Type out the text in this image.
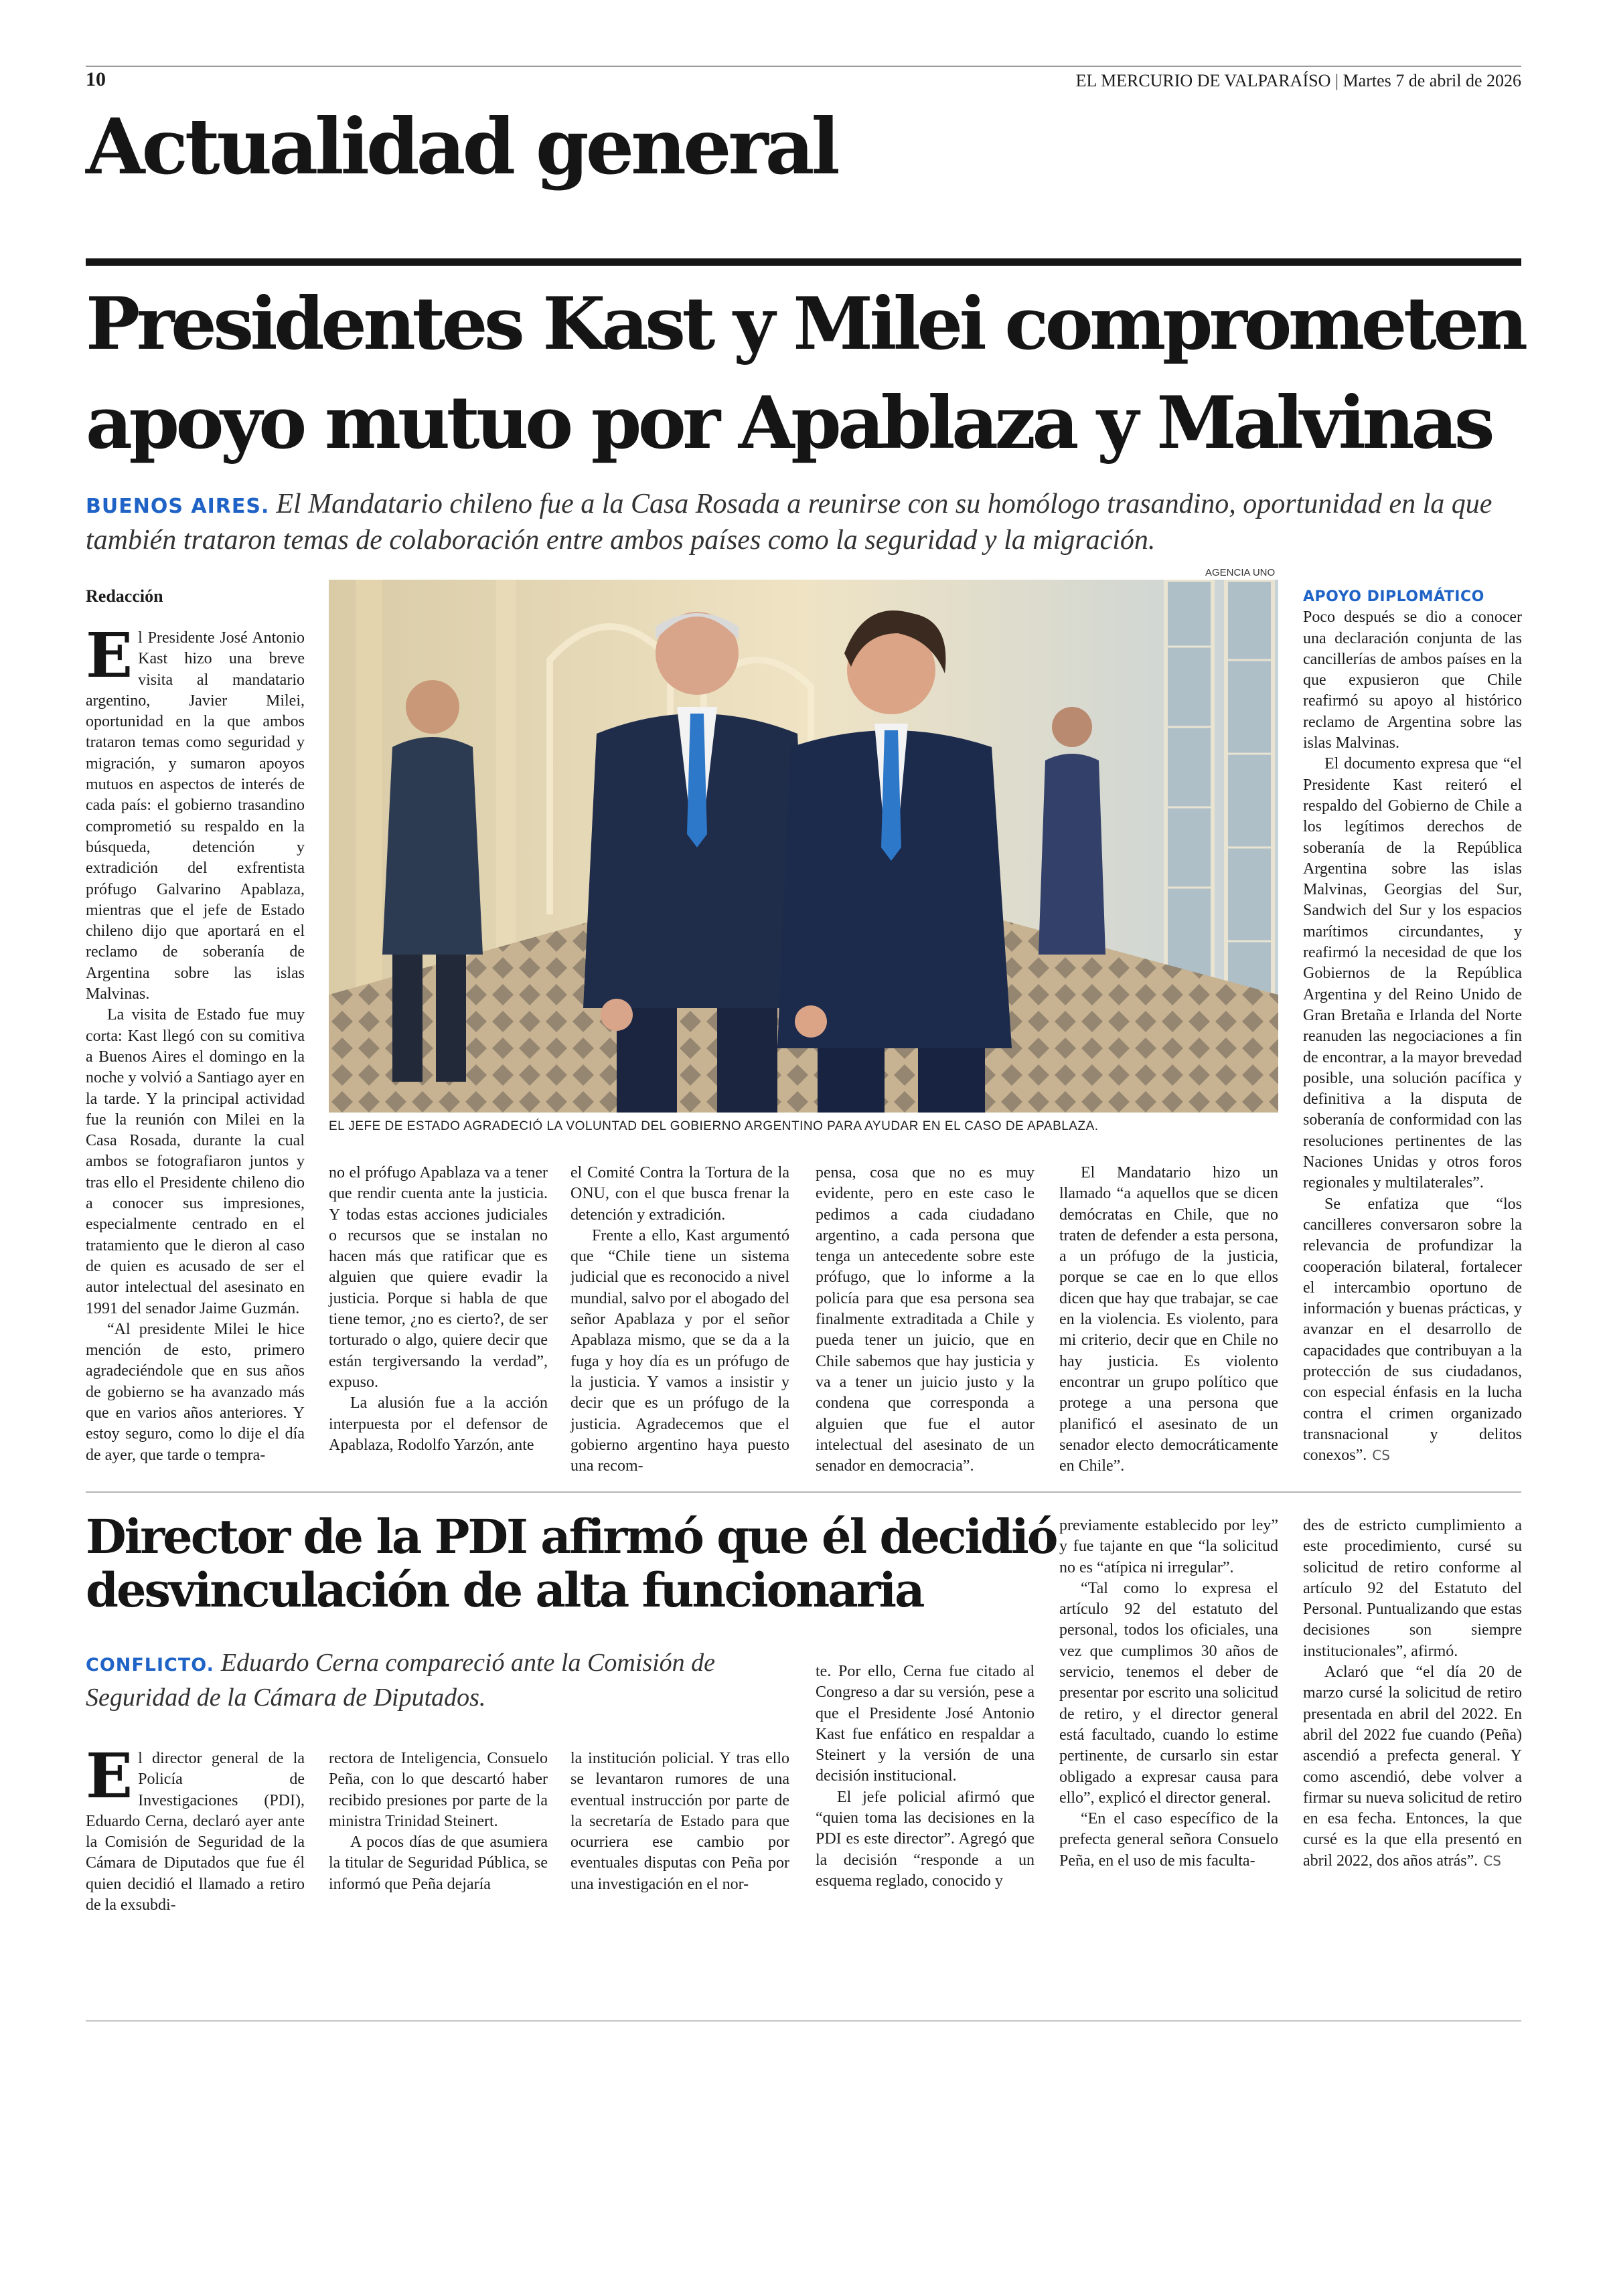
10	EL MERCURIO DE VALPARAÍSO | Martes 7 de abril de 2026
Actualidad general
Presidentes Kast y Milei comprometen
apoyo mutuo por Apablaza y Malvinas
BUENOS AIRES. El Mandatario chileno fue a la Casa Rosada a reunirse con su homólogo trasandino, oportunidad en la que también trataron temas de colaboración entre ambos países como la seguridad y la migración.
AGENCIA UNO
Redacción

El Presidente José Antonio Kast hizo una breve visita al mandatario argentino, Javier Milei, oportunidad en la que ambos trataron temas como seguridad y migración, y sumaron apoyos mutuos en aspectos de interés de cada país: el gobierno trasandino comprometió su respaldo en la búsqueda, detención y extradición del exfrentista prófugo Galvarino Apablaza, mientras que el jefe de Estado chileno dijo que aportará en el reclamo de soberanía de Argentina sobre las islas Malvinas.

La visita de Estado fue muy corta: Kast llegó con su comitiva a Buenos Aires el domingo en la noche y volvió a Santiago ayer en la tarde. Y la principal actividad fue la reunión con Milei en la Casa Rosada, durante la cual ambos se fotografiaron juntos y tras ello el Presidente chileno dio a conocer sus impresiones, especialmente centrado en el tratamiento que le dieron al caso de quien es acusado de ser el autor intelectual del asesinato en 1991 del senador Jaime Guzmán.

“Al presidente Milei le hice mención de esto, primero agradeciéndole que en sus años de gobierno se ha avanzado más que en varios años anteriores. Y estoy seguro, como lo dije el día de ayer, que tarde o tempra-

EL JEFE DE ESTADO AGRADECIÓ LA VOLUNTAD DEL GOBIERNO ARGENTINO PARA AYUDAR EN EL CASO DE APABLAZA.

no el prófugo Apablaza va a tener que rendir cuenta ante la justicia. Y todas estas acciones judiciales o recursos que se instalan no hacen más que ratificar que es alguien que quiere evadir la justicia. Porque si habla de que tiene temor, ¿no es cierto?, de ser torturado o algo, quiere decir que están tergiversando la verdad”, expuso.

La alusión fue a la acción interpuesta por el defensor de Apablaza, Rodolfo Yarzón, ante

el Comité Contra la Tortura de la ONU, con el que busca frenar la detención y extradición.

Frente a ello, Kast argumentó que “Chile tiene un sistema judicial que es reconocido a nivel mundial, salvo por el abogado del señor Apablaza y por el señor Apablaza mismo, que se da a la fuga y hoy día es un prófugo de la justicia. Y vamos a insistir y decir que es un prófugo de la justicia. Agradecemos que el gobierno argentino haya puesto una recom-

pensa, cosa que no es muy evidente, pero en este caso le pedimos a cada ciudadano argentino, a cada persona que tenga un antecedente sobre este prófugo, que lo informe a la policía para que esa persona sea finalmente extraditada a Chile y pueda tener un juicio, que en Chile sabemos que hay justicia y va a tener un juicio justo y la condena que corresponda a alguien que fue el autor intelectual del asesinato de un senador en democracia”.

El Mandatario hizo un llamado “a aquellos que se dicen demócratas en Chile, que no traten de defender a esta persona, a un prófugo de la justicia, porque se cae en lo que ellos dicen que hay que trabajar, se cae en la violencia. Es violento, para mi criterio, decir que en Chile no hay justicia. Es violento encontrar un grupo político que protege a una persona que planificó el asesinato de un senador electo democráticamente en Chile”.

APOYO DIPLOMÁTICO

Poco después se dio a conocer una declaración conjunta de las cancillerías de ambos países en la que expusieron que Chile reafirmó su apoyo al histórico reclamo de Argentina sobre las islas Malvinas.

El documento expresa que “el Presidente Kast reiteró el respaldo del Gobierno de Chile a los legítimos derechos de soberanía de la República Argentina sobre las islas Malvinas, Georgias del Sur, Sandwich del Sur y los espacios marítimos circundantes, y reafirmó la necesidad de que los Gobiernos de la República Argentina y del Reino Unido de Gran Bretaña e Irlanda del Norte reanuden las negociaciones a fin de encontrar, a la mayor brevedad posible, una solución pacífica y definitiva a la disputa de soberanía de conformidad con las resoluciones pertinentes de las Naciones Unidas y otros foros regionales y multilaterales”.

Se enfatiza que “los cancilleres conversaron sobre la relevancia de profundizar la cooperación bilateral, fortalecer el intercambio oportuno de información y buenas prácticas, y avanzar en el desarrollo de capacidades que contribuyan a la protección de sus ciudadanos, con especial énfasis en la lucha contra el crimen organizado transnacional y delitos conexos”. CS

Director de la PDI afirmó que él decidió
desvinculación de alta funcionaria
CONFLICTO. Eduardo Cerna compareció ante la Comisión de Seguridad de la Cámara de Diputados.

El director general de la Policía de Investigaciones (PDI), Eduardo Cerna, declaró ayer ante la Comisión de Seguridad de la Cámara de Diputados que fue él quien decidió el llamado a retiro de la exsubdi-

rectora de Inteligencia, Consuelo Peña, con lo que descartó haber recibido presiones por parte de la ministra Trinidad Steinert.

A pocos días de que asumiera la titular de Seguridad Pública, se informó que Peña dejaría

la institución policial. Y tras ello se levantaron rumores de una eventual instrucción por parte de la secretaría de Estado para que ocurriera ese cambio por eventuales disputas con Peña por una investigación en el nor-

te. Por ello, Cerna fue citado al Congreso a dar su versión, pese a que el Presidente José Antonio Kast fue enfático en respaldar a Steinert y la versión de una decisión institucional.

El jefe policial afirmó que “quien toma las decisiones en la PDI es este director”. Agregó que la decisión “responde a un esquema reglado, conocido y

previamente establecido por ley” y fue tajante en que “la solicitud no es “atípica ni irregular”.

“Tal como lo expresa el artículo 92 del estatuto del personal, todos los oficiales, una vez que cumplimos 30 años de servicio, tenemos el deber de presentar por escrito una solicitud de retiro, y el director general está facultado, cuando lo estime pertinente, de cursarlo sin estar obligado a expresar causa para ello”, explicó el director general.

“En el caso específico de la prefecta general señora Consuelo Peña, en el uso de mis faculta-

des de estricto cumplimiento a este procedimiento, cursé su solicitud de retiro conforme al artículo 92 del Estatuto del Personal. Puntualizando que estas decisiones son siempre institucionales”, afirmó.

Aclaró que “el día 20 de marzo cursé la solicitud de retiro presentada en abril del 2022. En abril del 2022 fue cuando (Peña) ascendió a prefecta general. Y como ascendió, debe volver a firmar su nueva solicitud de retiro en esa fecha. Entonces, la que cursé es la que ella presentó en abril 2022, dos años atrás”. CS
